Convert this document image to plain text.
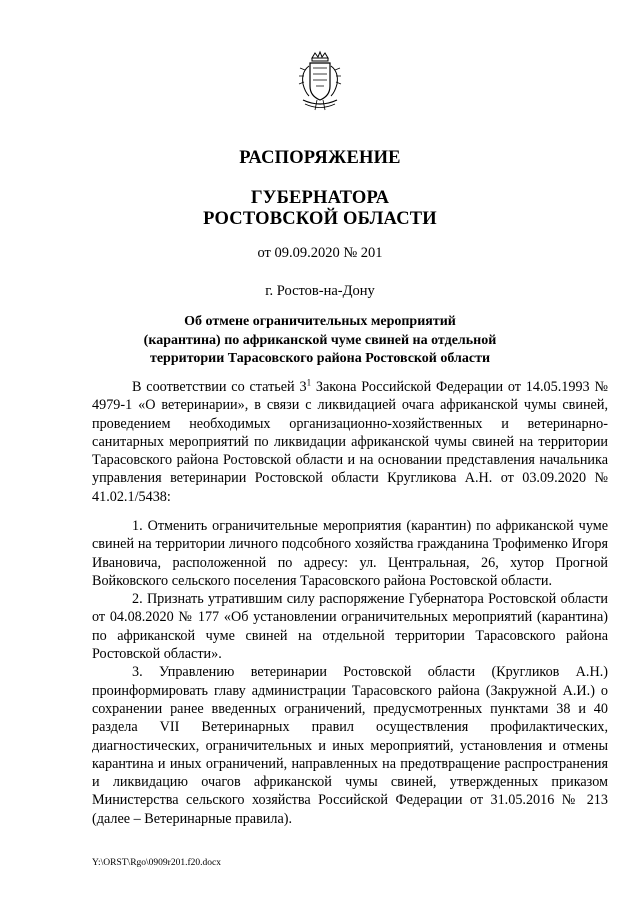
РАСПОРЯЖЕНИЕ
ГУБЕРНАТОРА
РОСТОВСКОЙ ОБЛАСТИ
от 09.09.2020 № 201
г. Ростов-на-Дону
Об отмене ограничительных мероприятий
(карантина) по африканской чуме свиней на отдельной
территории Тарасовского района Ростовской области

В соответствии со статьей $3^1$ Закона Российской Федерации от 14.05.1993 № 4979-1 «О ветеринарии», в связи с ликвидацией очага африканской чумы свиней, проведением необходимых организационно-хозяйственных и ветеринарно-санитарных мероприятий по ликвидации африканской чумы свиней на территории Тарасовского района Ростовской области и на основании представления начальника управления ветеринарии Ростовской области Кругликова А.Н. от 03.09.2020 № 41.02.1/5438:

1. Отменить ограничительные мероприятия (карантин) по африканской чуме свиней на территории личного подсобного хозяйства гражданина Трофименко Игоря Ивановича, расположенной по адресу: ул. Центральная, 26, хутор Прогной Войковского сельского поселения Тарасовского района Ростовской области.

2. Признать утратившим силу распоряжение Губернатора Ростовской области от 04.08.2020 № 177 «Об установлении ограничительных мероприятий (карантина) по африканской чуме свиней на отдельной территории Тарасовского района Ростовской области».

3. Управлению ветеринарии Ростовской области (Кругликов А.Н.) проинформировать главу администрации Тарасовского района (Закружной А.И.) о сохранении ранее введенных ограничений, предусмотренных пунктами 38 и 40 раздела VII Ветеринарных правил осуществления профилактических, диагностических, ограничительных и иных мероприятий, установления и отмены карантина и иных ограничений, направленных на предотвращение распространения и ликвидацию очагов африканской чумы свиней, утвержденных приказом Министерства сельского хозяйства Российской Федерации от 31.05.2016 № 213 (далее – Ветеринарные правила).

Y:\ORST\Rgo\0909r201.f20.docx
